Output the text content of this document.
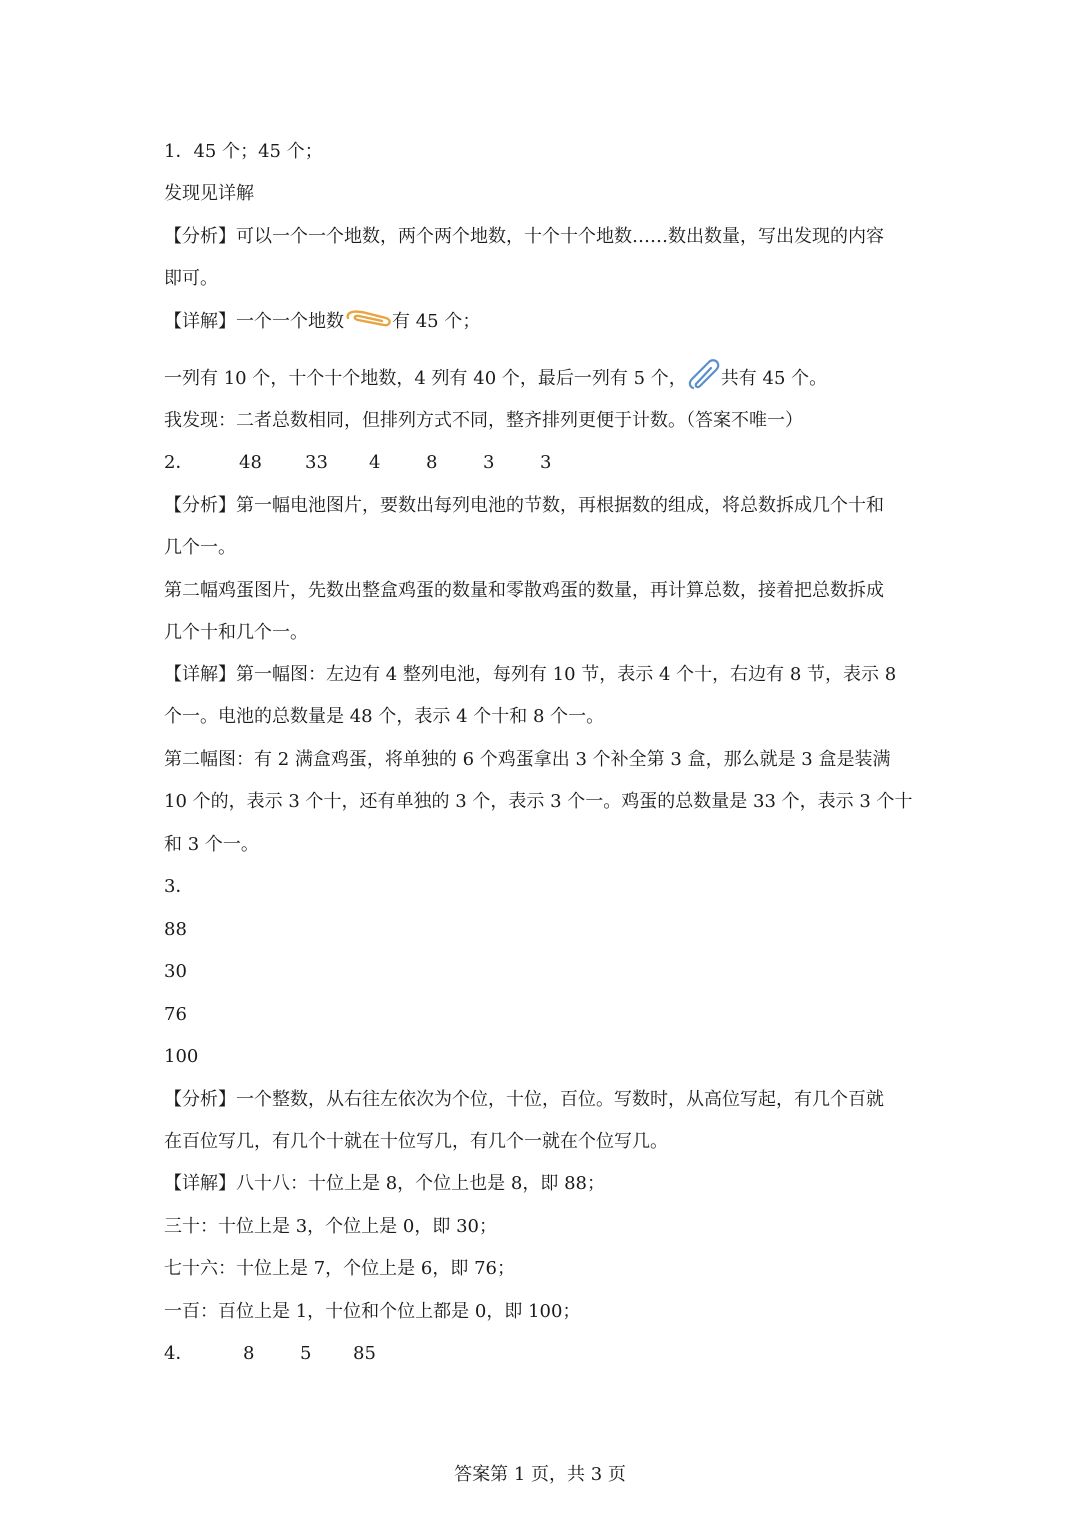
1．45 个；45 个；
发现见详解
【分析】可以一个一个地数，两个两个地数，十个十个地数……数出数量，写出发现的内容
即可。
【详解】一个一个地数	有 45 个；
一列有 10 个，十个十个地数，4 列有 40 个，最后一列有 5 个， 共有 45 个。
我发现：二者总数相同，但排列方式不同，整齐排列更便于计数。（答案不唯一）
2．	48 33 4	8	3	3
【分析】第一幅电池图片，要数出每列电池的节数，再根据数的组成，将总数拆成几个十和
几个一。
第二幅鸡蛋图片，先数出整盒鸡蛋的数量和零散鸡蛋的数量，再计算总数，接着把总数拆成
几个十和几个一。
【详解】第一幅图：左边有 4 整列电池，每列有 10 节，表示 4 个十，右边有 8 节，表示 8
个一。电池的总数量是 48 个，表示 4 个十和 8 个一。
第二幅图：有 2 满盒鸡蛋，将单独的 6 个鸡蛋拿出 3 个补全第 3 盒，那么就是 3 盒是装满
10 个的，表示 3 个十，还有单独的 3 个，表示 3 个一。鸡蛋的总数量是 33 个，表示 3 个十
和 3 个一。
3．
88
30
76
100
【分析】一个整数，从右往左依次为个位，十位，百位。写数时，从高位写起，有几个百就
在百位写几，有几个十就在十位写几，有几个一就在个位写几。
【详解】八十八：十位上是 8，个位上也是 8，即 88；
三十：十位上是 3，个位上是 0，即 30；
七十六：十位上是 7，个位上是 6，即 76；
一百：百位上是 1，十位和个位上都是 0，即 100；
4．	8	5 85
答案第 1 页，共 3 页
